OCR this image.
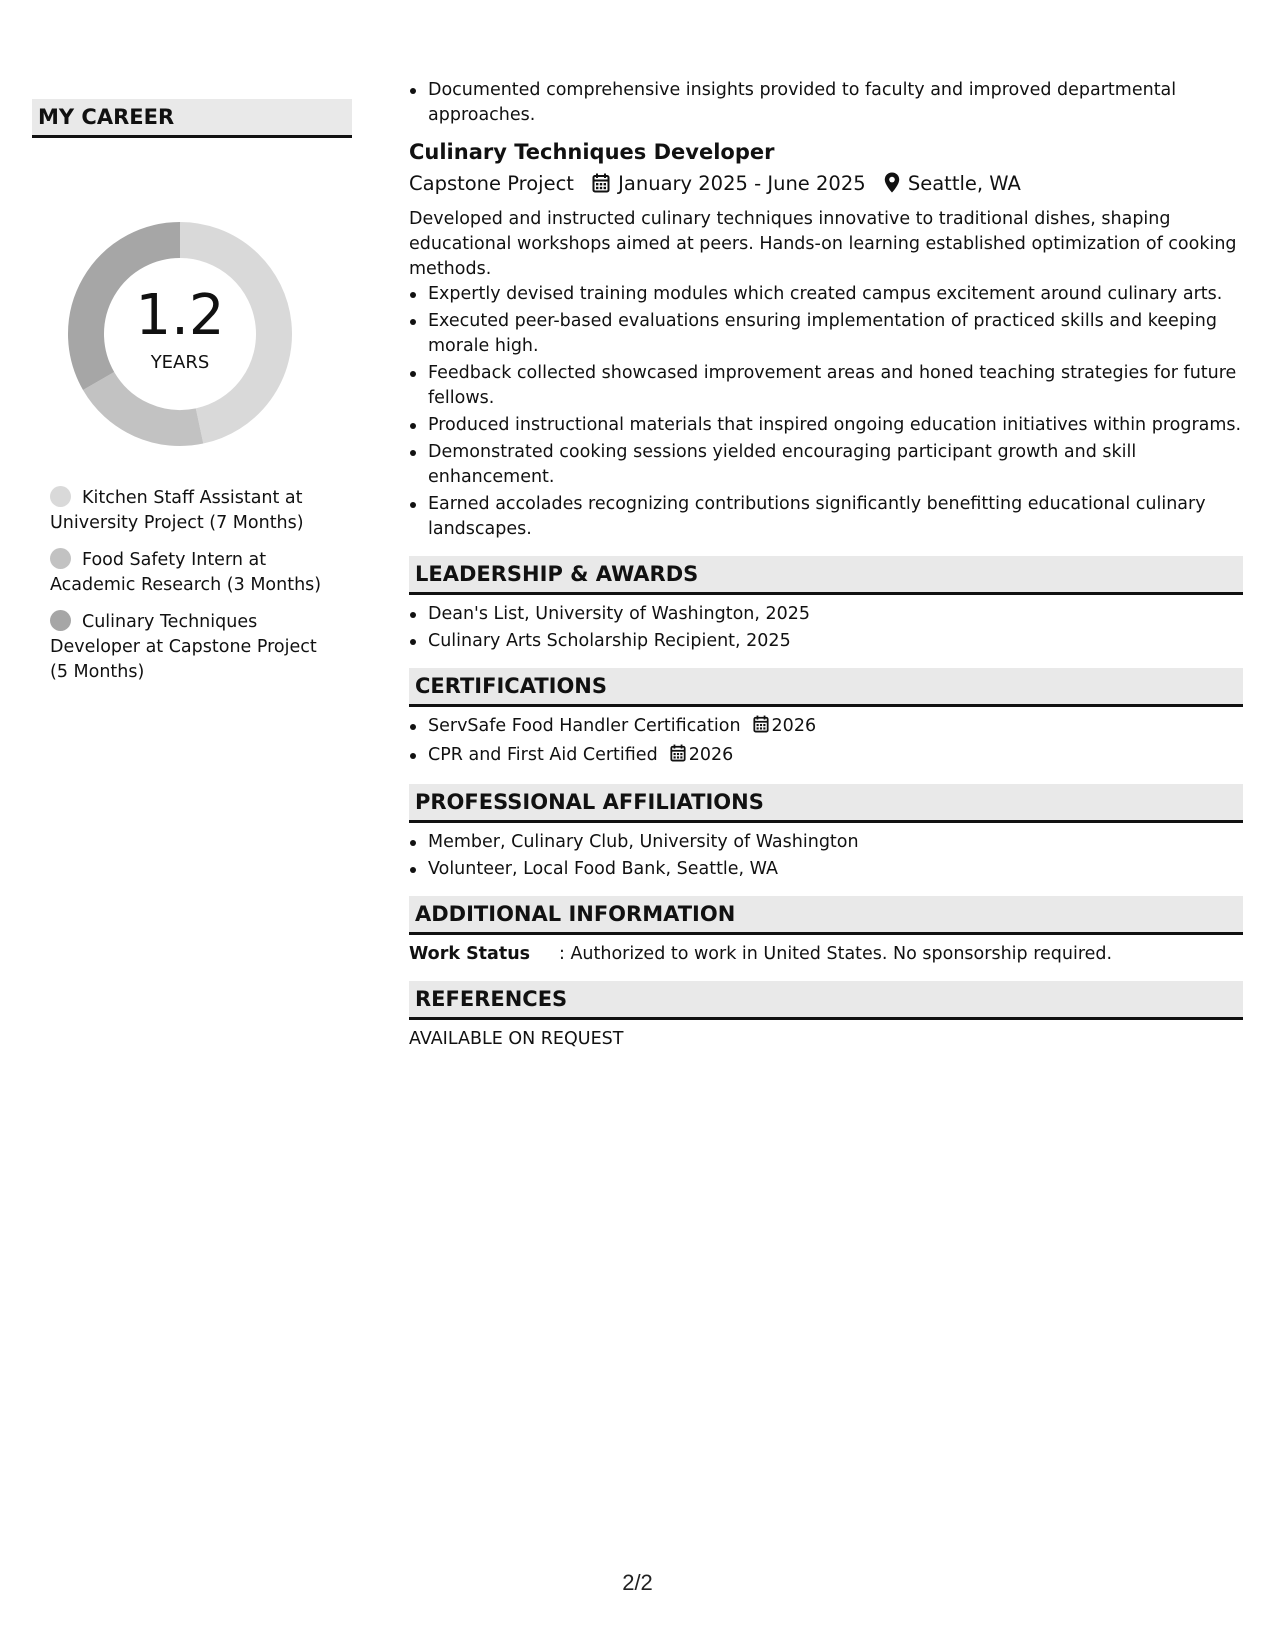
MY CAREER
1.2
YEARS
Kitchen Staff Assistant at University Project (7 Months)
Food Safety Intern at Academic Research (3 Months)
Culinary Techniques Developer at Capstone Project (5 Months)
Documented comprehensive insights provided to faculty and improved departmental approaches.
Culinary Techniques Developer
Capstone Project January 2025 - June 2025 Seattle, WA
Developed and instructed culinary techniques innovative to traditional dishes, shaping educational workshops aimed at peers. Hands-on learning established optimization of cooking methods.
Expertly devised training modules which created campus excitement around culinary arts.
Executed peer-based evaluations ensuring implementation of practiced skills and keeping morale high.
Feedback collected showcased improvement areas and honed teaching strategies for future fellows.
Produced instructional materials that inspired ongoing education initiatives within programs.
Demonstrated cooking sessions yielded encouraging participant growth and skill enhancement.
Earned accolades recognizing contributions significantly benefitting educational culinary landscapes.
LEADERSHIP & AWARDS
Dean's List, University of Washington, 2025
Culinary Arts Scholarship Recipient, 2025
CERTIFICATIONS
ServSafe Food Handler Certification 2026
CPR and First Aid Certified 2026
PROFESSIONAL AFFILIATIONS
Member, Culinary Club, University of Washington
Volunteer, Local Food Bank, Seattle, WA
ADDITIONAL INFORMATION
Work Status : Authorized to work in United States. No sponsorship required.
REFERENCES
AVAILABLE ON REQUEST
2/2
